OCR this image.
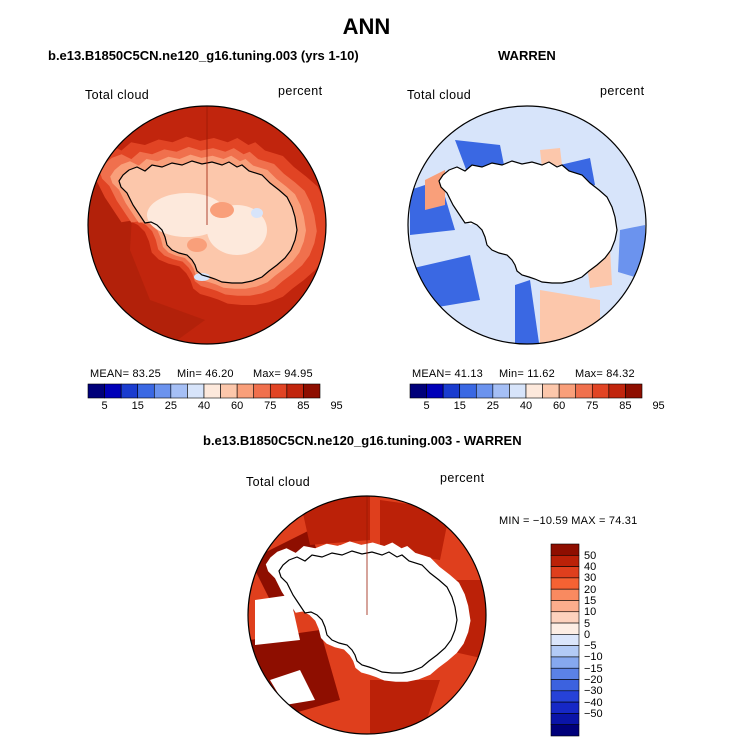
ANN
b.e13.B1850C5CN.ne120_g16.tuning.003 (yrs 1-10)	WARREN
b.e13.B1850C5CN.ne120_g16.tuning.003 - WARREN
Total cloud	percent	Total cloud	percent
Total cloud	percent
MEAN= 83.25 Min= 46.20 Max= 94.95	MEAN= 41.13 Min= 11.62 Max= 84.32
MIN = −10.59 MAX = 74.31
5	15	25	40	60	75	85	95	5	15	25	40	60	75	85	95
50
40
30
20
15
10
5
0
−5
−10
−15
−20
−30
−40
−50
